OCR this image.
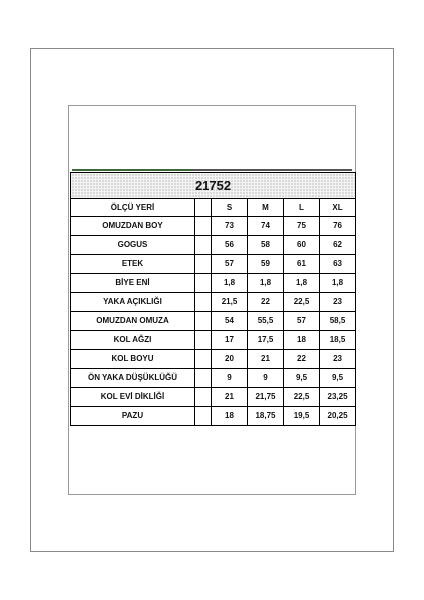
21752					
ÖLÇÜ YERİ		S	M	L	XL
OMUZDAN BOY		73	74	75	76
GOGUS		56	58	60	62
ETEK		57	59	61	63
BİYE ENİ		1,8	1,8	1,8	1,8
YAKA AÇIKLIĞI		21,5	22	22,5	23
OMUZDAN OMUZA		54	55,5	57	58,5
KOL AĞZI		17	17,5	18	18,5
KOL BOYU		20	21	22	23
ÖN YAKA DÜŞÜKLÜĞÜ		9	9	9,5	9,5
KOL EVİ DİKLİĞİ		21	21,75	22,5	23,25
PAZU		18	18,75	19,5	20,25
